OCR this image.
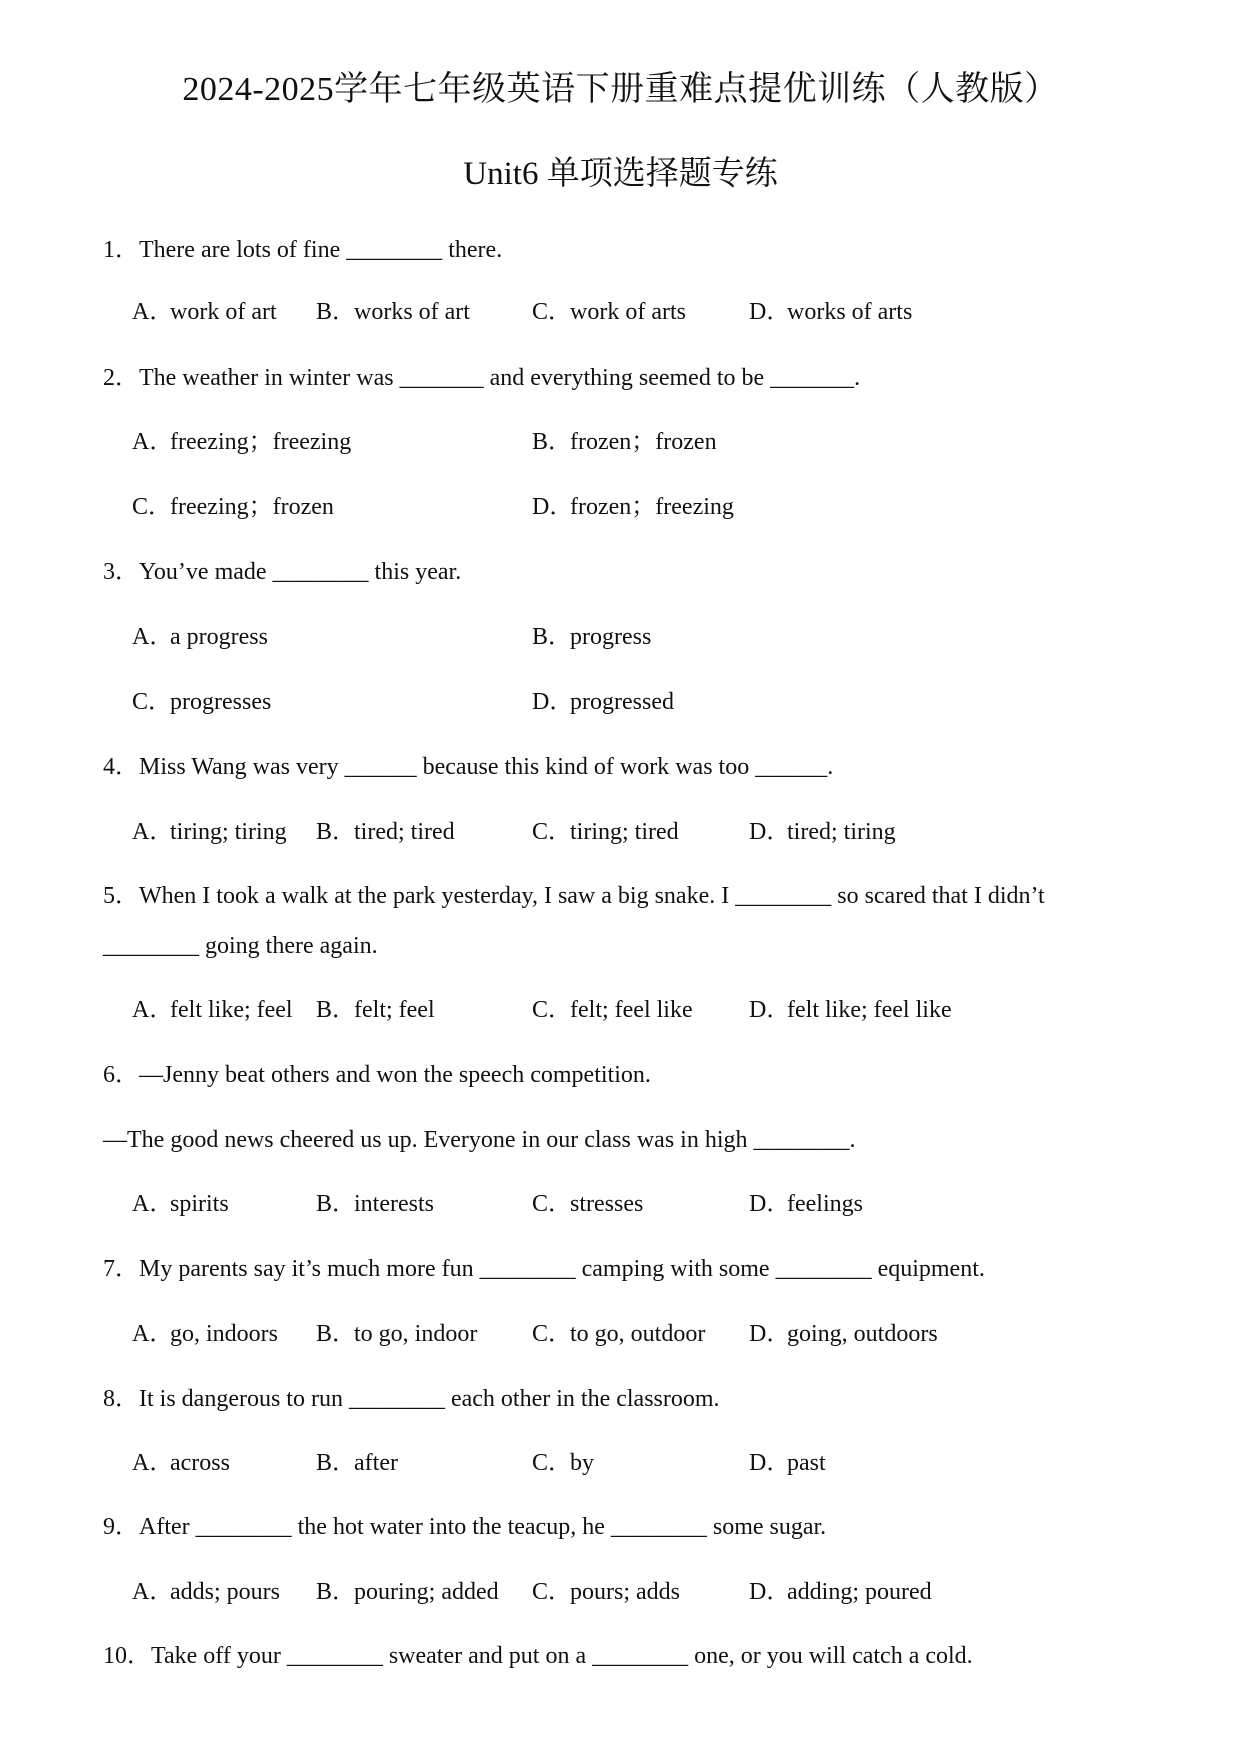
2024-2025学年七年级英语下册重难点提优训练（人教版）
Unit6 单项选择题专练
1．There are lots of fine ________ there.
A．work of art B．works of art	C．work of arts	D．works of arts
2．The weather in winter was _______ and everything seemed to be _______.
A．freezing；freezing	B．frozen；frozen
C．freezing；frozen	D．frozen；freezing
3．You’ve made ________ this year.
A．a progress	B．progress
C．progresses	D．progressed
4．Miss Wang was very ______ because this kind of work was too ______.
A．tiring; tiring B．tired; tired	C．tiring; tired	D．tired; tiring
5．When I took a walk at the park yesterday, I saw a big snake. I ________ so scared that I didn’t
________ going there again.
A．felt like; feel B．felt; feel	C．felt; feel like D．felt like; feel like
6．—Jenny beat others and won the speech competition.
—The good news cheered us up. Everyone in our class was in high ________.
A．spirits	B．interests	C．stresses	D．feelings
7．My parents say it’s much more fun ________ camping with some ________ equipment.
A．go, indoors B．to go, indoor C．to go, outdoor D．going, outdoors
8．It is dangerous to run ________ each other in the classroom.
A．across	B．after	C．by	D．past
9．After ________ the hot water into the teacup, he ________ some sugar.
A．adds; pours B．pouring; added C．pours; adds	D．adding; poured
10．Take off your ________ sweater and put on a ________ one, or you will catch a cold.
